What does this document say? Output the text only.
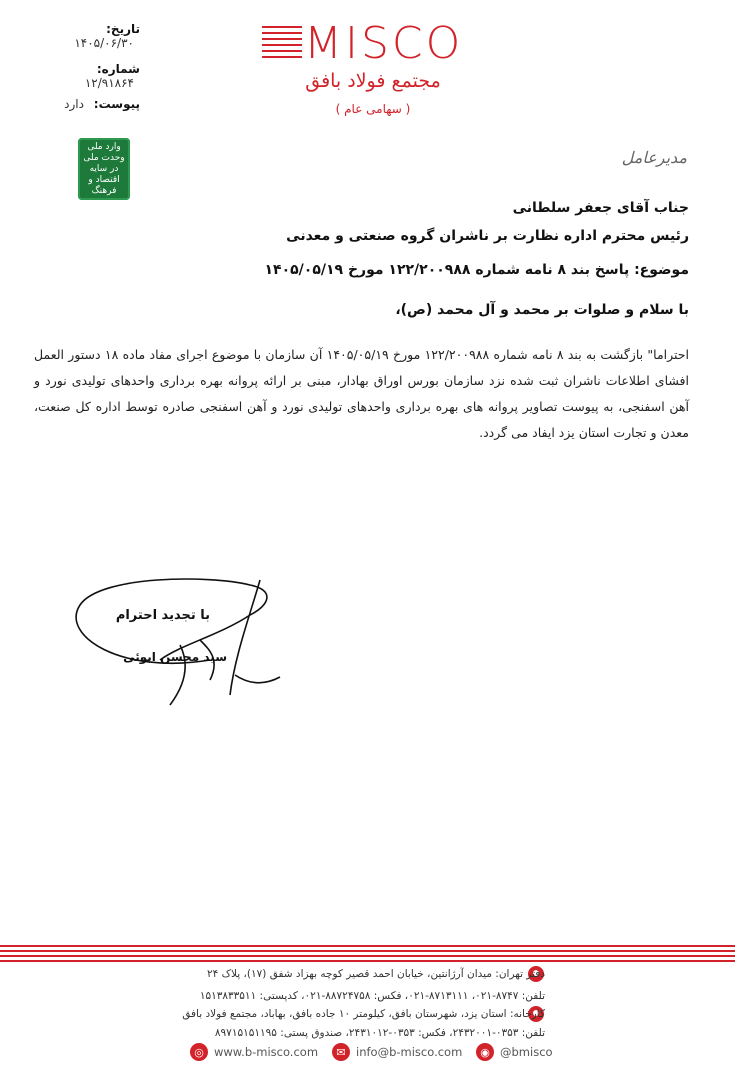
تاریخ: ۱۴۰۵/۰۶/۳۰
شماره: ۱۲/۹۱۸۶۴
پیوست: دارد
MISCO
مجتمع فولاد بافق
( سهامی عام )
وارد ملی
وحدت ملی
در سایه
اقتصاد و فرهنگ
مدیرعامل
جناب آقای جعفر سلطانی
رئیس محترم اداره نظارت بر ناشران گروه صنعتی و معدنی
موضوع: پاسخ بند ۸ نامه شماره ۱۲۲/۲۰۰۹۸۸ مورخ ۱۴۰۵/۰۵/۱۹
با سلام و صلوات بر محمد و آل محمد (ص)،
احتراما" بازگشت به بند ۸ نامه شماره ۱۲۲/۲۰۰۹۸۸ مورخ ۱۴۰۵/۰۵/۱۹ آن سازمان با موضوع اجرای مفاد ماده ۱۸ دستور العمل افشای اطلاعات ناشران ثبت شده نزد سازمان بورس اوراق بهادار، مبنی بر ارائه پروانه بهره برداری واحدهای تولیدی نورد و آهن اسفنجی، به پیوست تصاویر پروانه های بهره برداری واحدهای تولیدی نورد و آهن اسفنجی صادره توسط اداره کل صنعت، معدن و تجارت استان یزد ایفاد می گردد.
با تجدید احترام
سید محسن ابوئی
دفتر تهران: میدان آرژانتین، خیابان احمد قصیر کوچه بهزاد شفق (۱۷)، پلاک ۲۴
تلفن: ۸۷۴۷-۰۲۱، ۸۷۱۳۱۱۱-۰۲۱، فکس: ۸۸۷۲۴۷۵۸-۰۲۱، کدپستی: ۱۵۱۳۸۳۳۵۱۱
کارخانه: استان یزد، شهرستان بافق، کیلومتر ۱۰ جاده بافق، بهاباد، مجتمع فولاد بافق
تلفن: ۰۳۵۳-۲۴۳۲۰۰۱، فکس: ۰۳۵۳-۲۴۳۱۰۱۲، صندوق پستی: ۸۹۷۱۵۱۵۱۱۹۵
◎ www.b-misco.com	✉ info@b-misco.com	◉ @bmisco
